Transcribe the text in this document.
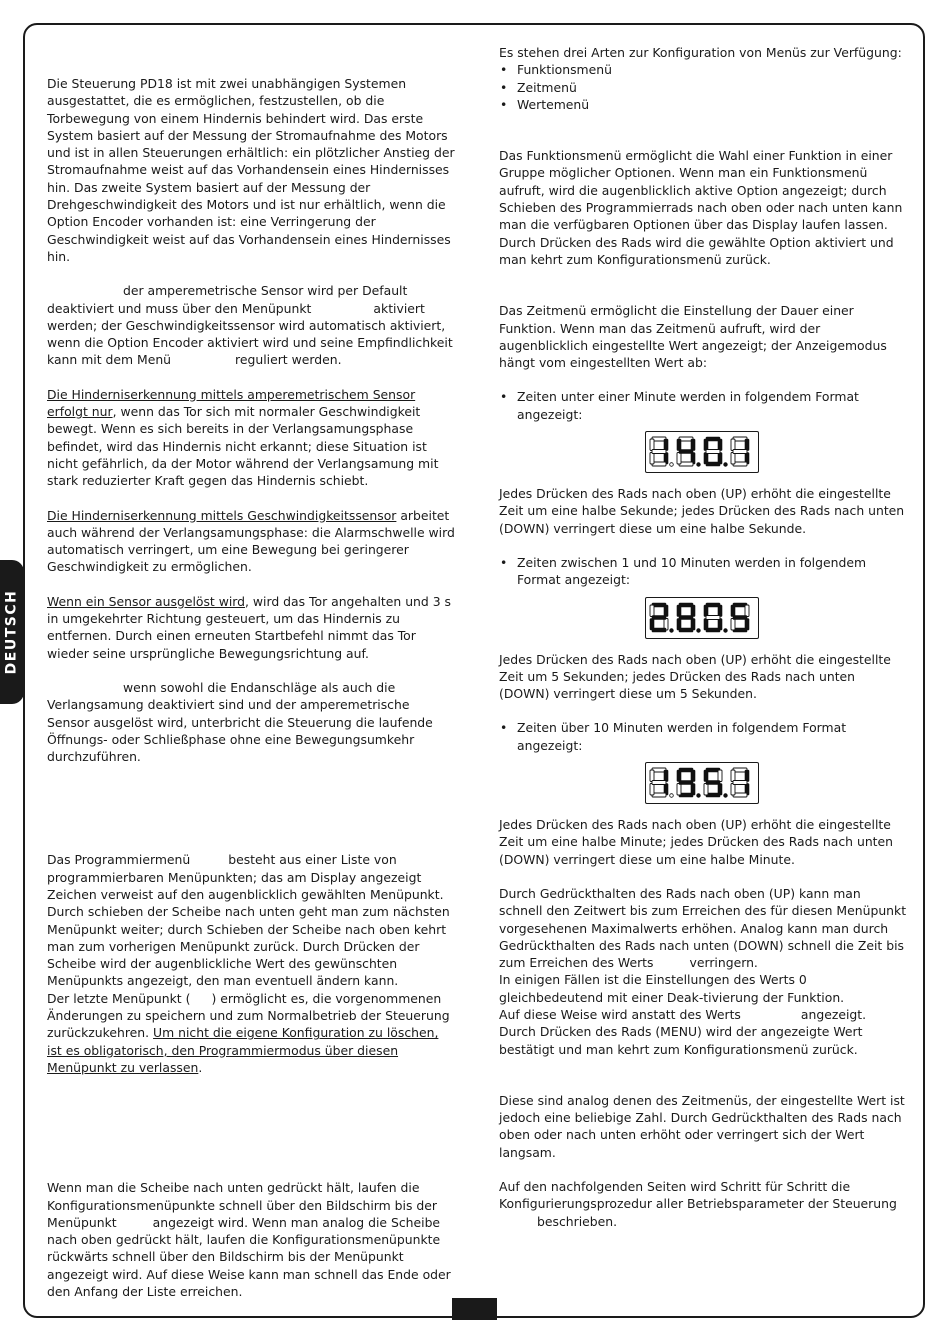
DEUTSCH

Die Steuerung PD18 ist mit zwei unabhängigen Systemen ausgestattet, die es ermöglichen, festzustellen, ob die Torbewegung von einem Hindernis behindert wird. Das erste System basiert auf der Messung der Stromaufnahme des Motors und ist in allen Steuerungen erhältlich: ein plötzlicher Anstieg der Stromaufnahme weist auf das Vorhandensein eines Hindernisses hin. Das zweite System basiert auf der Messung der Drehgeschwindigkeit des Motors und ist nur erhältlich, wenn die Option Encoder vorhanden ist: eine Verringerung der Geschwindigkeit weist auf das Vorhandensein eines Hindernisses hin.

der amperemetrische Sensor wird per Default deaktiviert und muss über den Menüpunkt	aktiviert werden; der Geschwindigkeitssensor wird automatisch aktiviert, wenn die Option Encoder aktiviert wird und seine Empfindlichkeit kann mit dem Menü	reguliert werden.

Die Hinderniserkennung mittels amperemetrischem Sensor erfolgt nur, wenn das Tor sich mit normaler Geschwindigkeit bewegt. Wenn es sich bereits in der Verlangsamungsphase befindet, wird das Hindernis nicht erkannt; diese Situation ist nicht gefährlich, da der Motor während der Verlangsamung mit stark reduzierter Kraft gegen das Hindernis schiebt.

Die Hinderniserkennung mittels Geschwindigkeitssensor arbeitet auch während der Verlangsamungsphase: die Alarmschwelle wird automatisch verringert, um eine Bewegung bei geringerer Geschwindigkeit zu ermöglichen.

Wenn ein Sensor ausgelöst wird, wird das Tor angehalten und 3 s in umgekehrter Richtung gesteuert, um das Hindernis zu entfernen. Durch einen erneuten Startbefehl nimmt das Tor wieder seine ursprüngliche Bewegungsrichtung auf.

wenn sowohl die Endanschläge als auch die Verlangsamung deaktiviert sind und der amperemetrische Sensor ausgelöst wird, unterbricht die Steuerung die laufende Öffnungs- oder Schließphase ohne eine Bewegungsumkehr durchzuführen.

Das Programmiermenü	besteht aus einer Liste von programmierbaren Menüpunkten; das am Display angezeigt Zeichen verweist auf den augenblicklich gewählten Menüpunkt. Durch schieben der Scheibe nach unten geht man zum nächsten Menüpunkt weiter; durch Schieben der Scheibe nach oben kehrt man zum vorherigen Menüpunkt zurück. Durch Drücken der Scheibe wird der augenblickliche Wert des gewünschten Menüpunkts angezeigt, den man eventuell ändern kann.
Der letzte Menüpunkt ( ) ermöglicht es, die vorgenommenen Änderungen zu speichern und zum Normalbetrieb der Steuerung zurückzukehren. Um nicht die eigene Konfiguration zu löschen, ist es obligatorisch, den Programmiermodus über diesen Menüpunkt zu verlassen.

Wenn man die Scheibe nach unten gedrückt hält, laufen die Konfigurationsmenüpunkte schnell über den Bildschirm bis der Menüpunkt	angezeigt wird. Wenn man analog die Scheibe nach oben gedrückt hält, laufen die Konfigurationsmenüpunkte rückwärts schnell über den Bildschirm bis der Menüpunkt angezeigt wird. Auf diese Weise kann man schnell das Ende oder den Anfang der Liste erreichen.

Es stehen drei Arten zur Konfiguration von Menüs zur Verfügung:

• Funktionsmenü
• Zeitmenü
• Wertemenü

Das Funktionsmenü ermöglicht die Wahl einer Funktion in einer Gruppe möglicher Optionen. Wenn man ein Funktionsmenü aufruft, wird die augenblicklich aktive Option angezeigt; durch Schieben des Programmierrads nach oben oder nach unten kann man die verfügbaren Optionen über das Display laufen lassen. Durch Drücken des Rads wird die gewählte Option aktiviert und man kehrt zum Konfigurationsmenü zurück.

Das Zeitmenü ermöglicht die Einstellung der Dauer einer Funktion. Wenn man das Zeitmenü aufruft, wird der augenblicklich eingestellte Wert angezeigt; der Anzeigemodus hängt vom eingestellten Wert ab:

• Zeiten unter einer Minute werden in folgendem Format angezeigt:

Jedes Drücken des Rads nach oben (UP) erhöht die eingestellte Zeit um eine halbe Sekunde; jedes Drücken des Rads nach unten (DOWN) verringert diese um eine halbe Sekunde.

• Zeiten zwischen 1 und 10 Minuten werden in folgendem Format angezeigt:

Jedes Drücken des Rads nach oben (UP) erhöht die eingestellte Zeit um 5 Sekunden; jedes Drücken des Rads nach unten (DOWN) verringert diese um 5 Sekunden.

• Zeiten über 10 Minuten werden in folgendem Format angezeigt:

Jedes Drücken des Rads nach oben (UP) erhöht die eingestellte Zeit um eine halbe Minute; jedes Drücken des Rads nach unten (DOWN) verringert diese um eine halbe Minute.

Durch Gedrückthalten des Rads nach oben (UP) kann man schnell den Zeitwert bis zum Erreichen des für diesen Menüpunkt vorgesehenen Maximalwerts erhöhen. Analog kann man durch Gedrückthalten des Rads nach unten (DOWN) schnell die Zeit bis zum Erreichen des Werts	verringern.
In einigen Fällen ist die Einstellungen des Werts 0 gleichbedeutend mit einer Deak-tivierung der Funktion.
Auf diese Weise wird anstatt des Werts	angezeigt.
Durch Drücken des Rads (MENU) wird der angezeigte Wert bestätigt und man kehrt zum Konfigurationsmenü zurück.

Diese sind analog denen des Zeitmenüs, der eingestellte Wert ist jedoch eine beliebige Zahl. Durch Gedrückthalten des Rads nach oben oder nach unten erhöht oder verringert sich der Wert langsam.

Auf den nachfolgenden Seiten wird Schritt für Schritt die Konfigurierungsprozedur aller Betriebsparameter der Steuerung
beschrieben.
